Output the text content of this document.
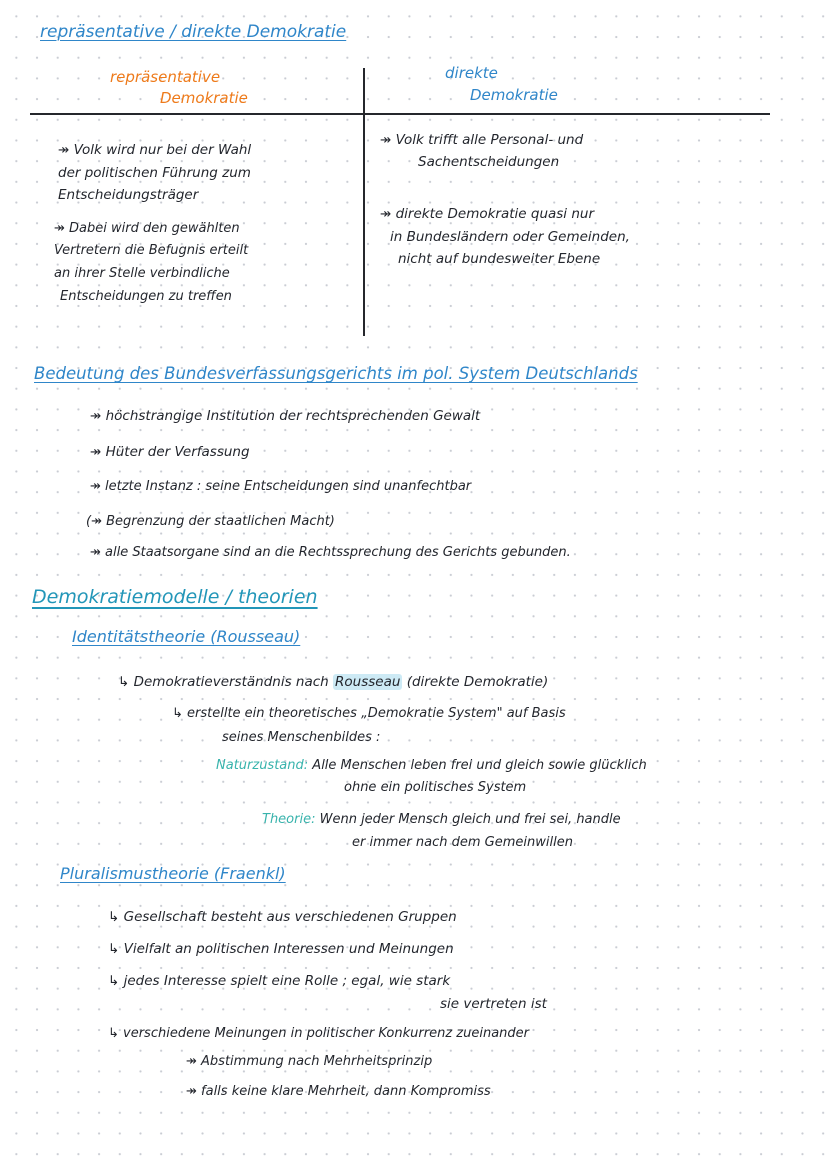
repräsentative / direkte Demokratie
repräsentative
Demokratie
direkte
Demokratie
↠ Volk wird nur bei der Wahl
der politischen Führung zum
Entscheidungsträger
↠ Dabei wird den gewählten
Vertretern die Befugnis erteilt
an ihrer Stelle verbindliche
Entscheidungen zu treffen
↠ Volk trifft alle Personal- und
Sachentscheidungen
↠ direkte Demokratie quasi nur
in Bundesländern oder Gemeinden,
nicht auf bundesweiter Ebene
Bedeutung des Bundesverfassungsgerichts im pol. System Deutschlands
↠ höchstrangige Institution der rechtsprechenden Gewalt
↠ Hüter der Verfassung
↠ letzte Instanz : seine Entscheidungen sind unanfechtbar
(↠ Begrenzung der staatlichen Macht)
↠ alle Staatsorgane sind an die Rechtssprechung des Gerichts gebunden.
Demokratiemodelle / theorien
Identitätstheorie (Rousseau)
↳ Demokratieverständnis nach Rousseau (direkte Demokratie)
↳ erstellte ein theoretisches „Demokratie System" auf Basis
seines Menschenbildes :
Naturzustand: Alle Menschen leben frei und gleich sowie glücklich
ohne ein politisches System
Theorie: Wenn jeder Mensch gleich und frei sei, handle
er immer nach dem Gemeinwillen
Pluralismustheorie (Fraenkl)
↳ Gesellschaft besteht aus verschiedenen Gruppen
↳ Vielfalt an politischen Interessen und Meinungen
↳ jedes Interesse spielt eine Rolle ; egal, wie stark
sie vertreten ist
↳ verschiedene Meinungen in politischer Konkurrenz zueinander
↠ Abstimmung nach Mehrheitsprinzip
↠ falls keine klare Mehrheit, dann Kompromiss
